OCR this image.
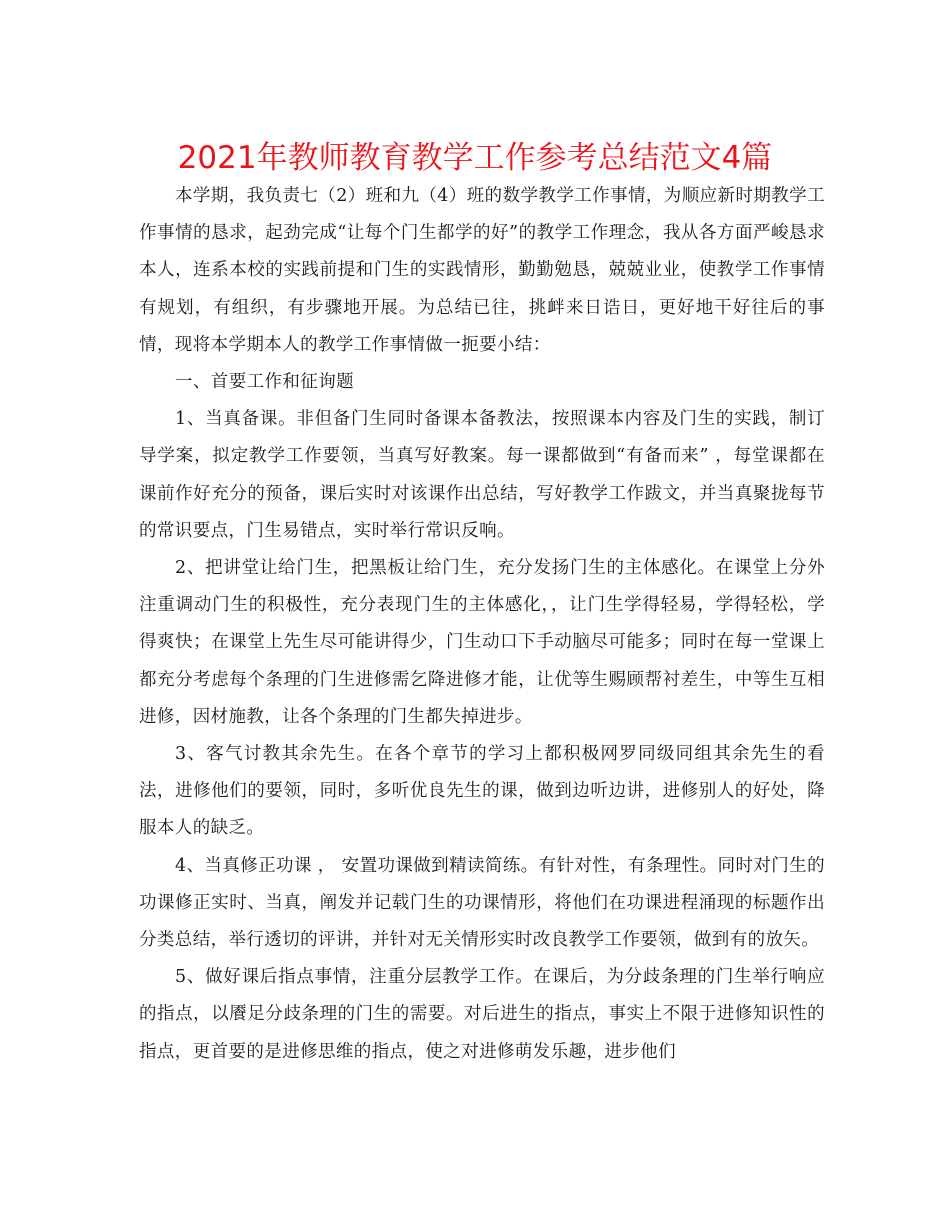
2021年教师教育教学工作参考总结范文4篇

本学期，我负责七（2）班和九（4）班的数学教学工作事情，为顺应新时期教学工作事情的恳求，起劲完成“让每个门生都学的好”的教学工作理念，我从各方面严峻恳求本人，连系本校的实践前提和门生的实践情形，勤勤勉恳，兢兢业业，使教学工作事情有规划，有组织，有步骤地开展。为总结已往，挑衅来日诰日，更好地干好往后的事情，现将本学期本人的教学工作事情做一扼要小结：

一、首要工作和征询题

1、当真备课。非但备门生同时备课本备教法，按照课本内容及门生的实践，制订导学案，拟定教学工作要领，当真写好教案。每一课都做到“有备而来” ，每堂课都在课前作好充分的预备，课后实时对该课作出总结，写好教学工作跋文，并当真聚拢每节的常识要点，门生易错点，实时举行常识反响。

2、把讲堂让给门生，把黑板让给门生，充分发扬门生的主体感化。在课堂上分外注重调动门生的积极性，充分表现门生的主体感化，，让门生学得轻易，学得轻松，学得爽快；在课堂上先生尽可能讲得少，门生动口下手动脑尽可能多；同时在每一堂课上都充分考虑每个条理的门生进修需乞降进修才能，让优等生赐顾帮衬差生，中等生互相进修，因材施教，让各个条理的门生都失掉进步。

3、客气讨教其余先生。在各个章节的学习上都积极网罗同级同组其余先生的看法，进修他们的要领，同时，多听优良先生的课，做到边听边讲，进修别人的好处，降服本人的缺乏。

4、当真修正功课 ， 安置功课做到精读简练。有针对性，有条理性。同时对门生的功课修正实时、当真，阐发并记载门生的功课情形，将他们在功课进程涌现的标题作出分类总结，举行透切的评讲，并针对无关情形实时改良教学工作要领，做到有的放矢。

5、做好课后指点事情，注重分层教学工作。在课后，为分歧条理的门生举行响应的指点，以餍足分歧条理的门生的需要。对后进生的指点，事实上不限于进修知识性的指点，更首要的是进修思维的指点，使之对进修萌发乐趣，进步他们
